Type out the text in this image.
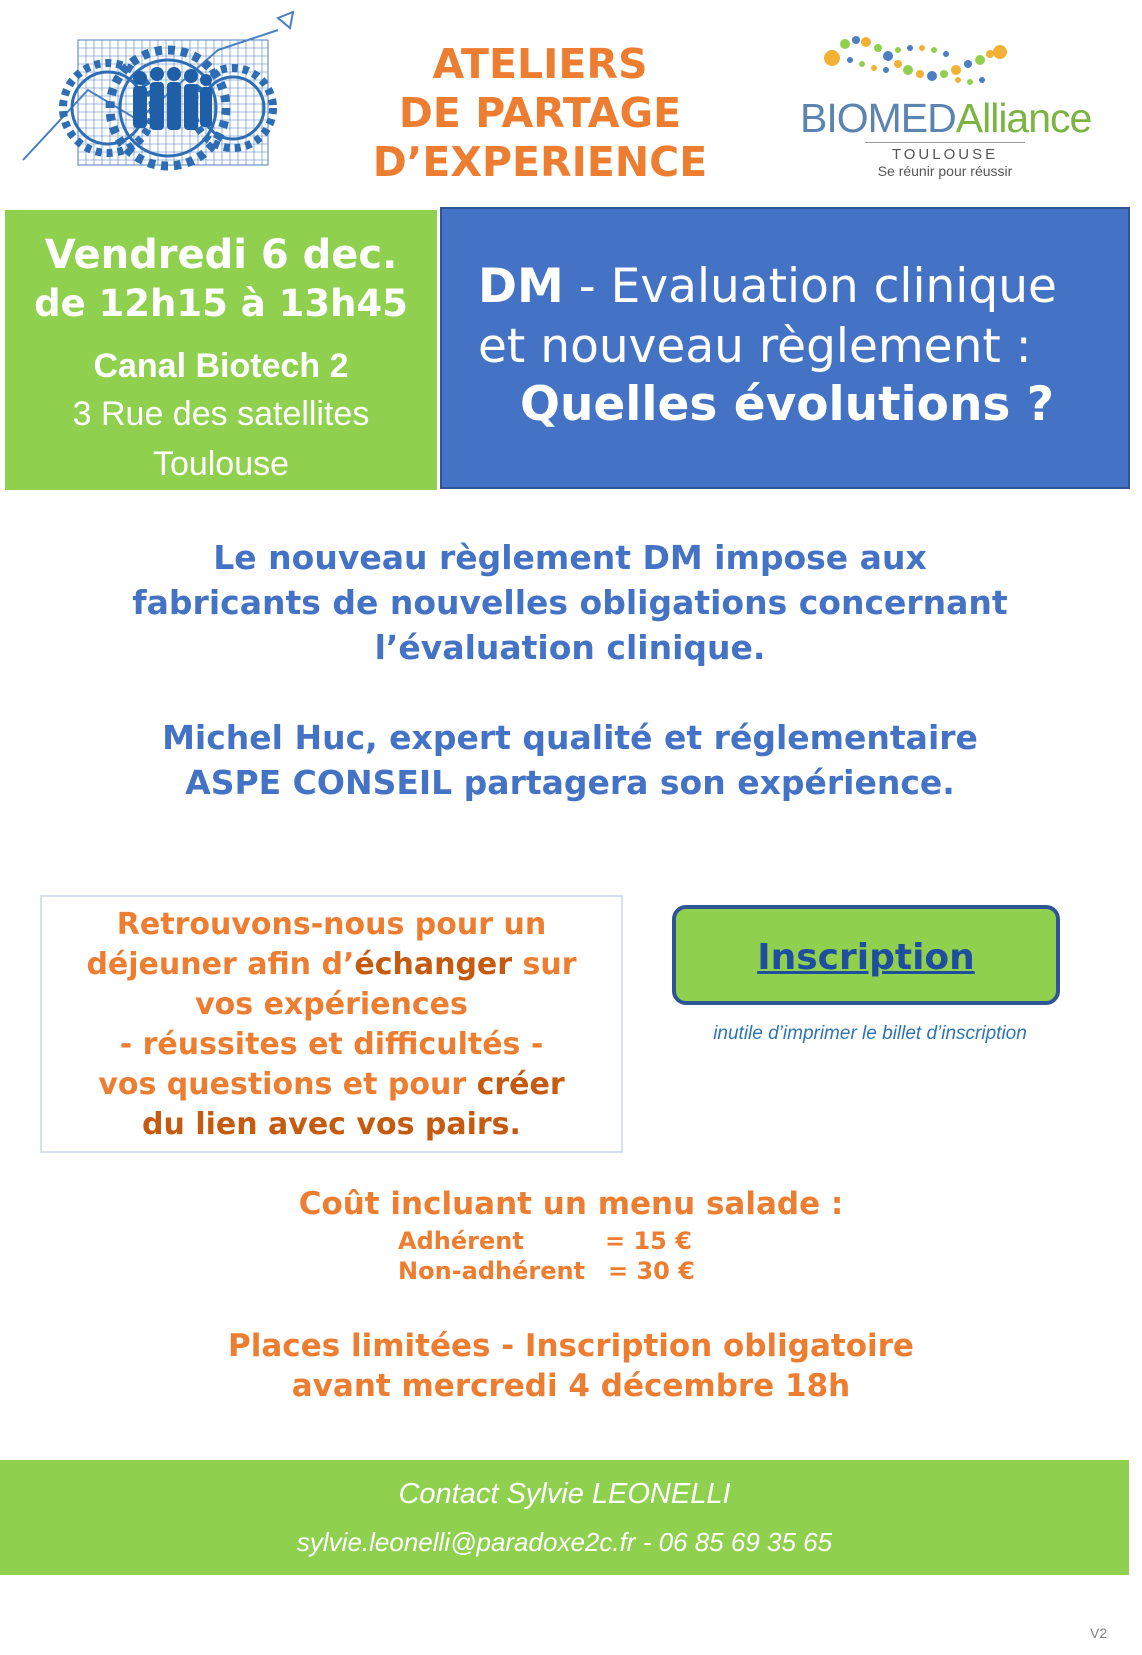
ATELIERS
DE PARTAGE
D’EXPERIENCE
BIOMEDAlliance
TOULOUSE
Se réunir pour réussir
Vendredi 6 dec.
de 12h15 à 13h45
Canal Biotech 2
3 Rue des satellites
Toulouse
DM - Evaluation clinique
et nouveau règlement :
Quelles évolutions ?
Le nouveau règlement DM impose aux
fabricants de nouvelles obligations concernant
l’évaluation clinique.
Michel Huc, expert qualité et réglementaire
ASPE CONSEIL partagera son expérience.
Retrouvons-nous pour un
déjeuner afin d’échanger sur
vos expériences
- réussites et difficultés -
vos questions et pour créer
du lien avec vos pairs.
Inscription
inutile d’imprimer le billet d’inscription
Coût incluant un menu salade :
Adhérent	= 15 €
Non-adhérent = 30 €
Places limitées - Inscription obligatoire
avant mercredi 4 décembre 18h
Contact Sylvie LEONELLI
sylvie.leonelli@paradoxe2c.fr - 06 85 69 35 65
V2
